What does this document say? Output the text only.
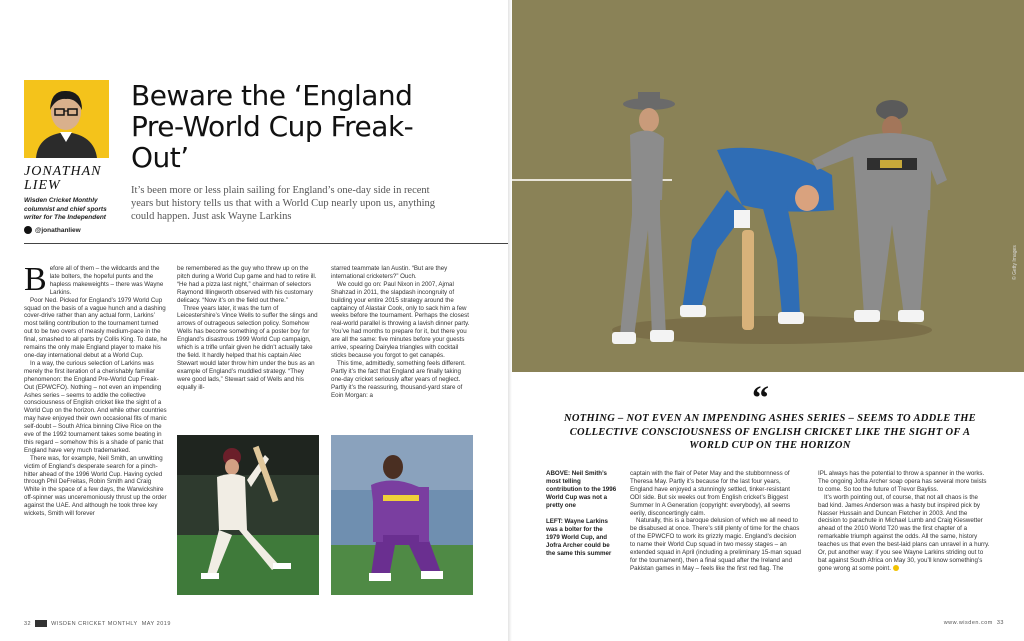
JONATHAN LIEW
Wisden Cricket Monthly columnist and chief sports writer for The Independent
@jonathanliew
Beware the ‘England Pre-World Cup Freak-Out’
It’s been more or less plain sailing for England’s one-day side in recent years but history tells us that with a World Cup nearly upon us, anything could happen. Just ask Wayne Larkins
B efore all of them – the wildcards and the late bolters, the hopeful punts and the hapless makeweights – there was Wayne Larkins.

Poor Ned. Picked for England’s 1979 World Cup squad on the basis of a vague hunch and a dashing cover-drive rather than any actual form, Larkins’ most telling contribution to the tournament turned out to be two overs of measly medium-pace in the final, smashed to all parts by Collis King. To date, he remains the only male England player to make his one-day international debut at a World Cup.

In a way, the curious selection of Larkins was merely the first iteration of a cherishably familiar phenomenon: the England Pre-World Cup Freak-Out (EPWCFO). Nothing – not even an impending Ashes series – seems to addle the collective consciousness of English cricket like the sight of a World Cup on the horizon. And while other countries may have enjoyed their own occasional fits of manic self-doubt – South Africa binning Clive Rice on the eve of the 1992 tournament takes some beating in this regard – somehow this is a shade of panic that England have very much trademarked.

There was, for example, Neil Smith, an unwitting victim of England’s desperate search for a pinch-hitter ahead of the 1996 World Cup. Having cycled through Phil DeFreitas, Robin Smith and Craig White in the space of a few days, the Warwickshire off-spinner was unceremoniously thrust up the order against the UAE. And although he took three key wickets, Smith will forever

be remembered as the guy who threw up on the pitch during a World Cup game and had to retire ill. “He had a pizza last night,” chairman of selectors Raymond Illingworth observed with his customary delicacy. “Now it’s on the field out there.”

Three years later, it was the turn of Leicestershire’s Vince Wells to suffer the slings and arrows of outrageous selection policy. Somehow Wells has become something of a poster boy for England’s disastrous 1999 World Cup campaign, which is a trifle unfair given he didn’t actually take the field. It hardly helped that his captain Alec Stewart would later throw him under the bus as an example of England’s muddled strategy. “They were good lads,” Stewart said of Wells and his equally ill-

starred teammate Ian Austin. “But are they international cricketers?” Ouch.

We could go on: Paul Nixon in 2007, Ajmal Shahzad in 2011, the slapdash incongruity of building your entire 2015 strategy around the captaincy of Alastair Cook, only to sack him a few weeks before the tournament. Perhaps the closest real-world parallel is throwing a lavish dinner party. You’ve had months to prepare for it, but there you are all the same: five minutes before your guests arrive, spearing Dairylea triangles with cocktail sticks because you forgot to get canapés.

This time, admittedly, something feels different. Partly it’s the fact that England are finally taking one-day cricket seriously after years of neglect. Partly it’s the reassuring, thousand-yard stare of Eoin Morgan: a

32	WISDEN CRICKET MONTHLY MAY 2019
© Getty Images
“
NOTHING – NOT EVEN AN IMPENDING ASHES SERIES – SEEMS TO ADDLE THE COLLECTIVE CONSCIOUSNESS OF ENGLISH CRICKET LIKE THE SIGHT OF A WORLD CUP ON THE HORIZON

ABOVE: Neil Smith’s most telling contribution to the 1996 World Cup was not a pretty one

LEFT: Wayne Larkins was a bolter for the 1979 World Cup, and Jofra Archer could be the same this summer

captain with the flair of Peter May and the stubbornness of Theresa May. Partly it’s because for the last four years, England have enjoyed a stunningly settled, tinker-resistant ODI side. But six weeks out from English cricket’s Biggest Summer In A Generation (copyright: everybody), all seems eerily, disconcertingly calm.

Naturally, this is a baroque delusion of which we all need to be disabused at once. There’s still plenty of time for the chaos of the EPWCFO to work its grizzly magic. England’s decision to name their World Cup squad in two messy stages – an extended squad in April (including a preliminary 15-man squad for the tournament), then a final squad after the Ireland and Pakistan games in May – feels like the first red flag. The

IPL always has the potential to throw a spanner in the works. The ongoing Jofra Archer soap opera has several more twists to come. So too the future of Trevor Bayliss.

It’s worth pointing out, of course, that not all chaos is the bad kind. James Anderson was a hasty but inspired pick by Nasser Hussain and Duncan Fletcher in 2003. And the decision to parachute in Michael Lumb and Craig Kieswetter ahead of the 2010 World T20 was the first chapter of a remarkable triumph against the odds. All the same, history teaches us that even the best-laid plans can unravel in a hurry. Or, put another way: if you see Wayne Larkins striding out to bat against South Africa on May 30, you’ll know something’s gone wrong at some point.

www.wisden.com 33
